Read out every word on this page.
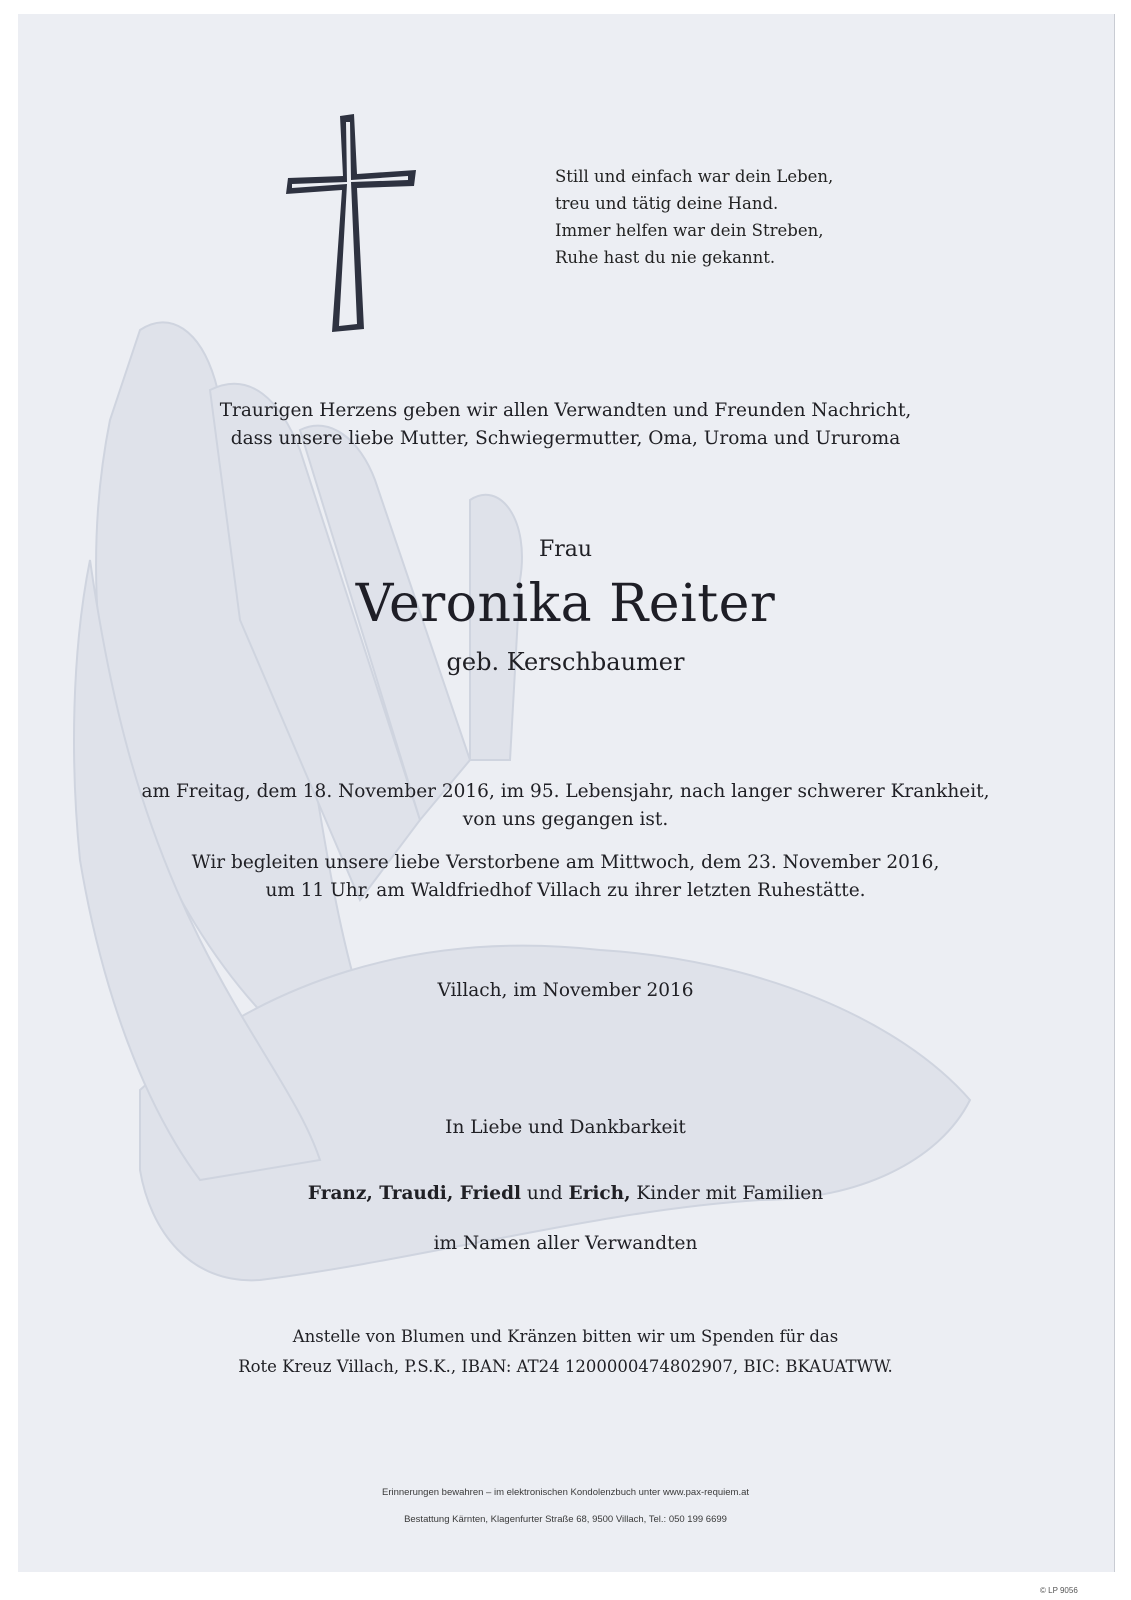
Still und einfach war dein Leben,
treu und tätig deine Hand.
Immer helfen war dein Streben,
Ruhe hast du nie gekannt.
Traurigen Herzens geben wir allen Verwandten und Freunden Nachricht,
dass unsere liebe Mutter, Schwiegermutter, Oma, Uroma und Ururoma
Frau
Veronika Reiter
geb. Kerschbaumer
am Freitag, dem 18. November 2016, im 95. Lebensjahr, nach langer schwerer Krankheit,
von uns gegangen ist.
Wir begleiten unsere liebe Verstorbene am Mittwoch, dem 23. November 2016,
um 11 Uhr, am Waldfriedhof Villach zu ihrer letzten Ruhestätte.
Villach, im November 2016
In Liebe und Dankbarkeit
Franz, Traudi, Friedl und Erich, Kinder mit Familien
im Namen aller Verwandten
Anstelle von Blumen und Kränzen bitten wir um Spenden für das
Rote Kreuz Villach, P.S.K., IBAN: AT24 1200000474802907, BIC: BKAUATWW.
Erinnerungen bewahren – im elektronischen Kondolenzbuch unter www.pax-requiem.at
Bestattung Kärnten, Klagenfurter Straße 68, 9500 Villach, Tel.: 050 199 6699
© LP 9056
